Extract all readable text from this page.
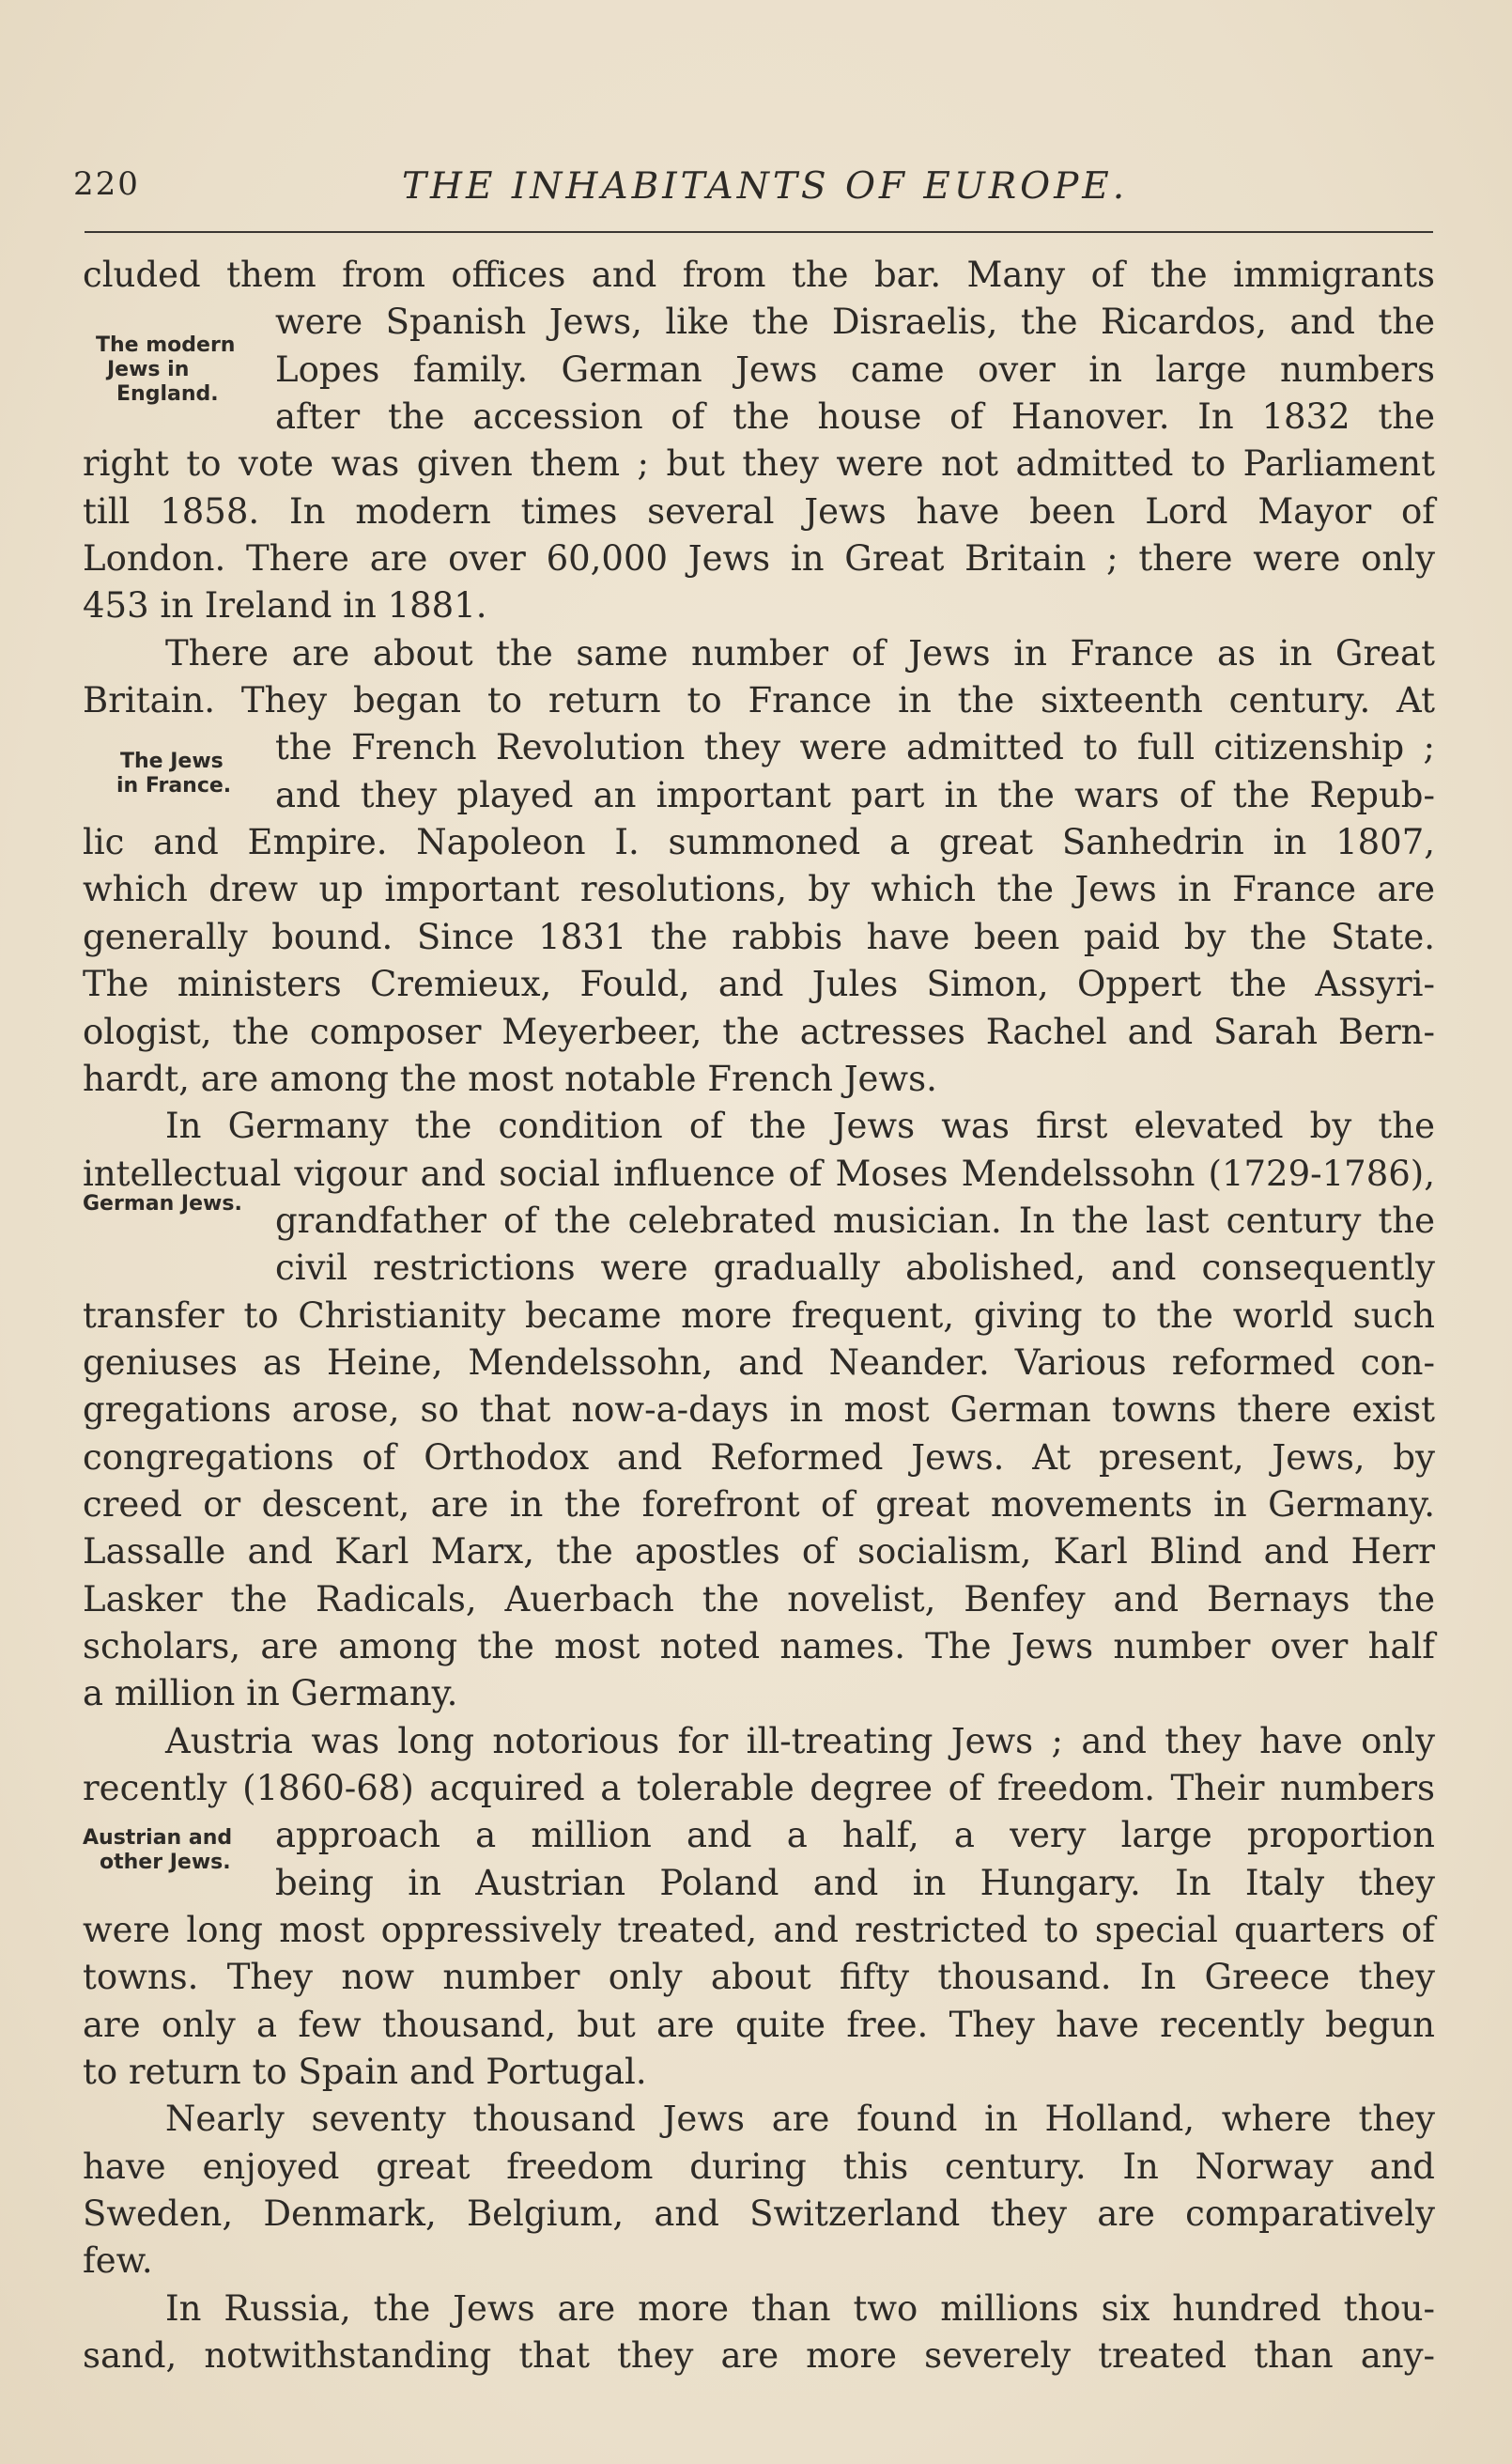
220	THE INHABITANTS OF EUROPE.
The modern
Jews in
England.
The Jews
in France.
German Jews.
Austrian and
other Jews.
cluded them from offices and from the bar. Many of the immigrants
were Spanish Jews, like the Disraelis, the Ricardos, and the
Lopes family. German Jews came over in large numbers
after the accession of the house of Hanover. In 1832 the
right to vote was given them ; but they were not admitted to Parliament
till 1858. In modern times several Jews have been Lord Mayor of
London. There are over 60,000 Jews in Great Britain ; there were only
453 in Ireland in 1881.
There are about the same number of Jews in France as in Great
Britain. They began to return to France in the sixteenth century. At
the French Revolution they were admitted to full citizenship ;
and they played an important part in the wars of the Repub-
lic and Empire. Napoleon I. summoned a great Sanhedrin in 1807,
which drew up important resolutions, by which the Jews in France are
generally bound. Since 1831 the rabbis have been paid by the State.
The ministers Cremieux, Fould, and Jules Simon, Oppert the Assyri-
ologist, the composer Meyerbeer, the actresses Rachel and Sarah Bern-
hardt, are among the most notable French Jews.
In Germany the condition of the Jews was first elevated by the
intellectual vigour and social influence of Moses Mendelssohn (1729-1786),
grandfather of the celebrated musician. In the last century the
civil restrictions were gradually abolished, and consequently
transfer to Christianity became more frequent, giving to the world such
geniuses as Heine, Mendelssohn, and Neander. Various reformed con-
gregations arose, so that now-a-days in most German towns there exist
congregations of Orthodox and Reformed Jews. At present, Jews, by
creed or descent, are in the forefront of great movements in Germany.
Lassalle and Karl Marx, the apostles of socialism, Karl Blind and Herr
Lasker the Radicals, Auerbach the novelist, Benfey and Bernays the
scholars, are among the most noted names. The Jews number over half
a million in Germany.
Austria was long notorious for ill-treating Jews ; and they have only
recently (1860-68) acquired a tolerable degree of freedom. Their numbers
approach a million and a half, a very large proportion
being in Austrian Poland and in Hungary. In Italy they
were long most oppressively treated, and restricted to special quarters of
towns. They now number only about fifty thousand. In Greece they
are only a few thousand, but are quite free. They have recently begun
to return to Spain and Portugal.
Nearly seventy thousand Jews are found in Holland, where they
have enjoyed great freedom during this century. In Norway and
Sweden, Denmark, Belgium, and Switzerland they are comparatively
few.
In Russia, the Jews are more than two millions six hundred thou-
sand, notwithstanding that they are more severely treated than any-
